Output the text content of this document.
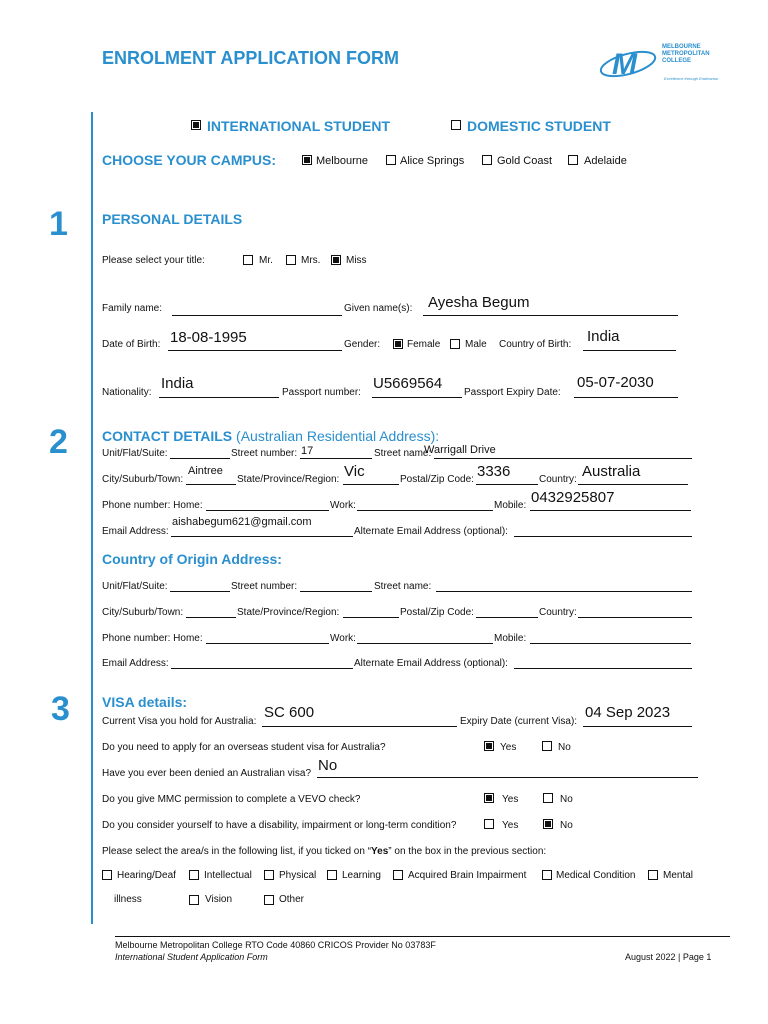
ENROLMENT APPLICATION FORM	M
MELBOURNE
METROPOLITAN
COLLEGE
Excellence through Endeavour
INTERNATIONAL STUDENT	DOMESTIC STUDENT
CHOOSE YOUR CAMPUS:	Melbourne	Alice Springs	Gold Coast	Adelaide
1 PERSONAL DETAILS
Please select your title:	Mr.	Mrs.	Miss
Family name:	Given name(s): Ayesha Begum
Date of Birth: 18-08-1995	Gender:	Female Male Country of Birth: India
Nationality:
India
Passport number:
U5669564
Passport Expiry Date:
05-07-2030
2 CONTACT DETAILS (Australian Residential Address):
Unit/Flat/Suite:	Street number: 17	Street name:
Warrigall Drive
City/Suburb/Town:
Aintree
State/Province/Region: Vic	Postal/Zip Code: 3336	Country: Australia
Phone number: Home:	Work:	Mobile: 0432925807
Email Address:
aishabegum621@gmail.com
Alternate Email Address (optional):
Country of Origin Address:
Unit/Flat/Suite:	Street number:	Street name:
City/Suburb/Town:	State/Province/Region:	Postal/Zip Code:	Country:
Phone number: Home:	Work:	Mobile:
Email Address:	Alternate Email Address (optional):
3 VISA details:
Current Visa you hold for Australia:
SC 600
Expiry Date (current Visa):
04 Sep 2023
Do you need to apply for an overseas student visa for Australia?	Yes	No
Have you ever been denied an Australian visa? No
Do you give MMC permission to complete a VEVO check?	Yes	No
Do you consider yourself to have a disability, impairment or long-term condition?	Yes	No
Please select the area/s in the following list, if you ticked on “Yes” on the box in the previous section:
Hearing/Deaf	Intellectual	Physical	Learning	Acquired Brain Impairment	Medical Condition	Mental
illness	Vision	Other
Melbourne Metropolitan College RTO Code 40860 CRICOS Provider No 03783F
International Student Application Form	August 2022 | Page 1
